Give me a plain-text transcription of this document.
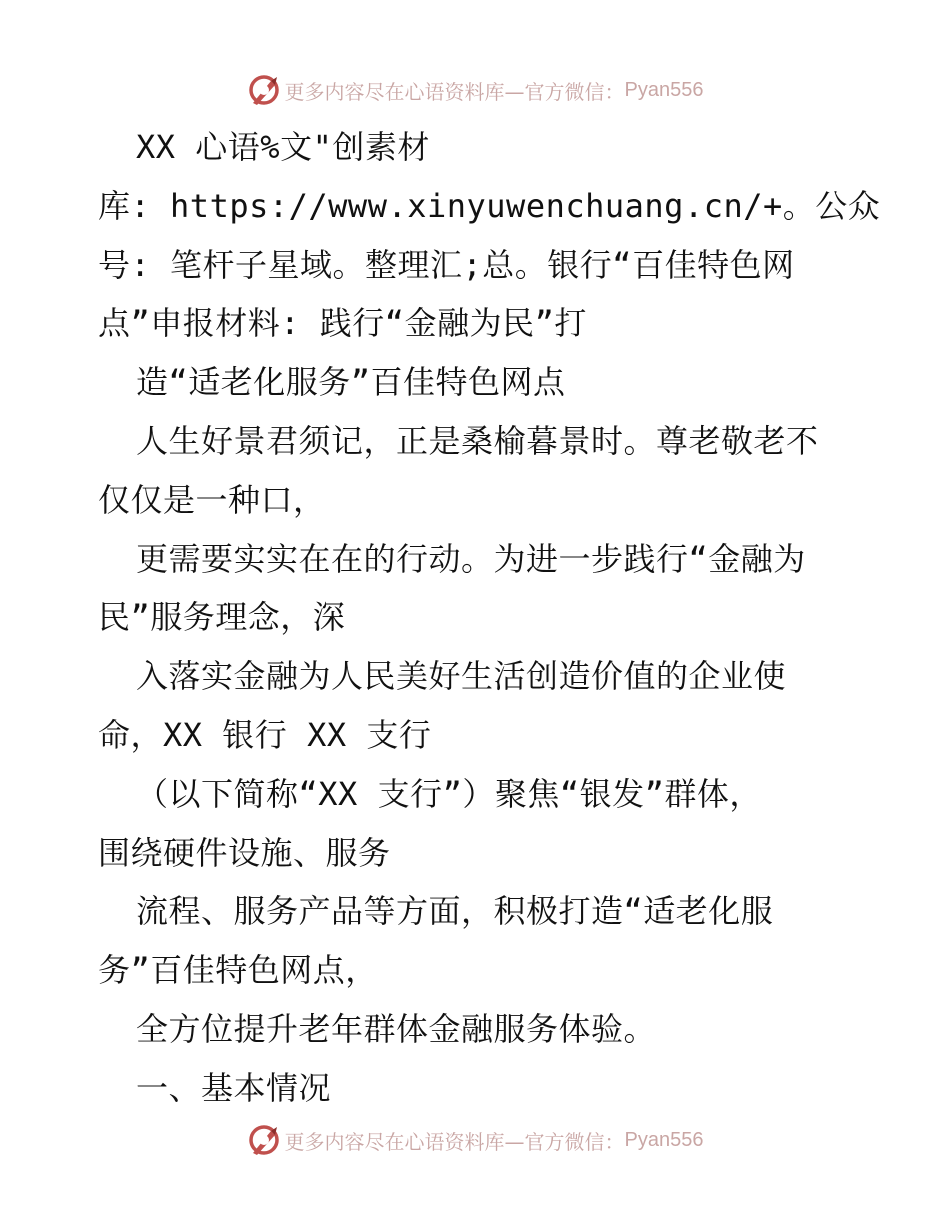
更多内容尽在心语资料库—官方微信： Pyan556
XX 心语%文"创素材
库: https://www.xinyuwenchuang.cn/+。公众
号: 笔杆子星域。整理汇;总。银行“百佳特色网
点”申报材料: 践行“金融为民”打
造“适老化服务”百佳特色网点
人生好景君须记，正是桑榆暮景时。尊老敬老不
仅仅是一种口，
更需要实实在在的行动。为进一步践行“金融为
民”服务理念，深
入落实金融为人民美好生活创造价值的企业使
命，XX 银行 XX 支行
（以下简称“XX 支行”）聚焦“银发”群体，
围绕硬件设施、服务
流程、服务产品等方面，积极打造“适老化服
务”百佳特色网点，
全方位提升老年群体金融服务体验。
一、基本情况
更多内容尽在心语资料库—官方微信： Pyan556
